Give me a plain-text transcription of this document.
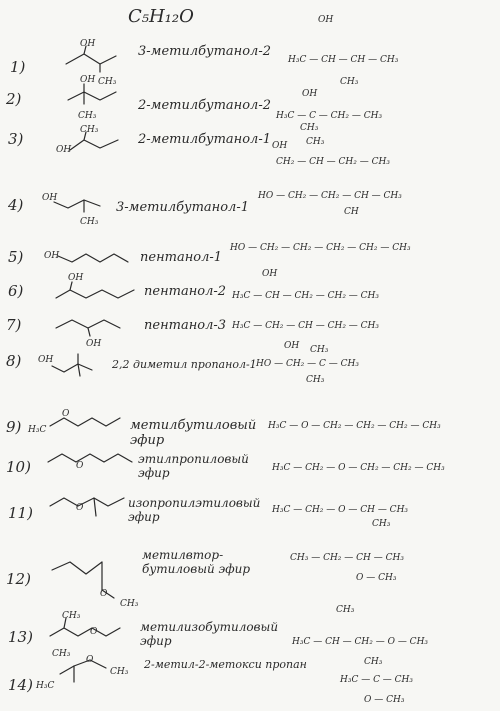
C₅H₁₂O
1)
3-метилбутанол-2
2)	2-метилбутанол-2
3)	2-метилбутанол-1
4)	3-метилбутанол-1
5)	пентанол-1
6)	пентанол-2
7)	пентанол-3
8)	2,2 диметил пропанол-1
9)	метилбутиловый эфир
10)	этилпропиловый эфир
11)
изопропилэтиловый эфир
12)
метилвтор-бутиловый эфир
13)
метилизобутиловый эфир
14)
2-метил-2-метокси пропан
OH
CH₃
OH
H₃C — CH — CH — CH₃
CH₃
OH
CH₃
OH
H₃C — C — CH₂ — CH₃
CH₃
CH₃
OH	OH
CH₂ — CH — CH₂ — CH₃
CH₃
OH
CH₃
HO — CH₂ — CH₂ — CH — CH₃
CH
OH
HO — CH₂ — CH₂ — CH₂ — CH₂ — CH₃
OH	OH
H₃C — CH — CH₂ — CH₂ — CH₃
OH
H₃C — CH₂ — CH — CH₂ — CH₃
OH
OH
CH₃
HO — CH₂ — C — CH₃
CH₃
H₃C
O
H₃C — O — CH₂ — CH₂ — CH₂ — CH₃
O	H₃C — CH₂ — O — CH₂ — CH₂ — CH₃
O	H₃C — CH₂ — O — CH — CH₃
CH₃
O
CH₃
CH₃ — CH₂ — CH — CH₃
O — CH₃
CH₃
O
CH₃
H₃C — CH — CH₂ — O — CH₃
CH₃
O
CH₃
H₃C
CH₃
H₃C — C — CH₃
O — CH₃
